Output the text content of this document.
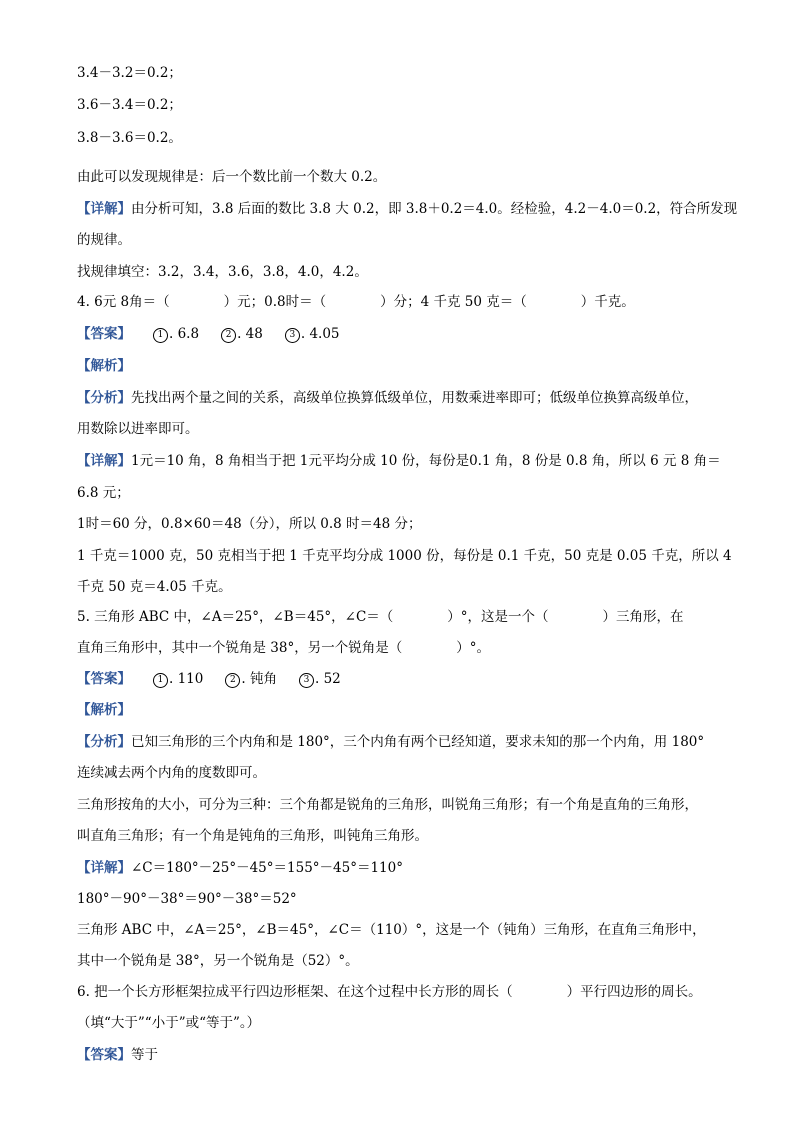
3.4－3.2＝0.2；
3.6－3.4＝0.2；
3.8－3.6＝0.2。
由此可以发现规律是：后一个数比前一个数大 0.2。
【详解】由分析可知，3.8 后面的数比 3.8 大 0.2，即 3.8＋0.2＝4.0。经检验，4.2－4.0＝0.2，符合所发现
的规律。
找规律填空：3.2，3.4，3.6，3.8，4.0，4.2。
4. 6元 8角＝（　　　　）元；0.8时＝（　　　　）分；4 千克 50 克＝（　　　　）千克。
【答案】	1 . 6.8	2 . 48	3 . 4.05
【解析】
【分析】先找出两个量之间的关系，高级单位换算低级单位，用数乘进率即可；低级单位换算高级单位，
用数除以进率即可。
【详解】1元＝10 角，8 角相当于把 1元平均分成 10 份，每份是0.1 角，8 份是 0.8 角，所以 6 元 8 角＝
6.8 元；
1时＝60 分，0.8×60＝48（分），所以 0.8 时＝48 分；
1 千克＝1000 克，50 克相当于把 1 千克平均分成 1000 份，每份是 0.1 千克，50 克是 0.05 千克，所以 4
千克 50 克＝4.05 千克。
5. 三角形 ABC 中，∠A＝25°，∠B＝45°，∠C＝（　　　　）°，这是一个（　　　　）三角形，在
直角三角形中，其中一个锐角是 38°，另一个锐角是（　　　　）°。
【答案】	1 . 110	2 . 钝角	3 . 52
【解析】
【分析】已知三角形的三个内角和是 180°，三个内角有两个已经知道，要求未知的那一个内角，用 180°
连续减去两个内角的度数即可。
三角形按角的大小，可分为三种：三个角都是锐角的三角形，叫锐角三角形；有一个角是直角的三角形，
叫直角三角形；有一个角是钝角的三角形，叫钝角三角形。
【详解】∠C＝180°－25°－45°＝155°－45°＝110°
180°－90°－38°＝90°－38°＝52°
三角形 ABC 中，∠A＝25°，∠B＝45°，∠C＝（110）°，这是一个（钝角）三角形，在直角三角形中，
其中一个锐角是 38°，另一个锐角是（52）°。
6. 把一个长方形框架拉成平行四边形框架、在这个过程中长方形的周长（　　　　）平行四边形的周长。
（填“大于”“小于”或“等于”。）
【答案】等于
